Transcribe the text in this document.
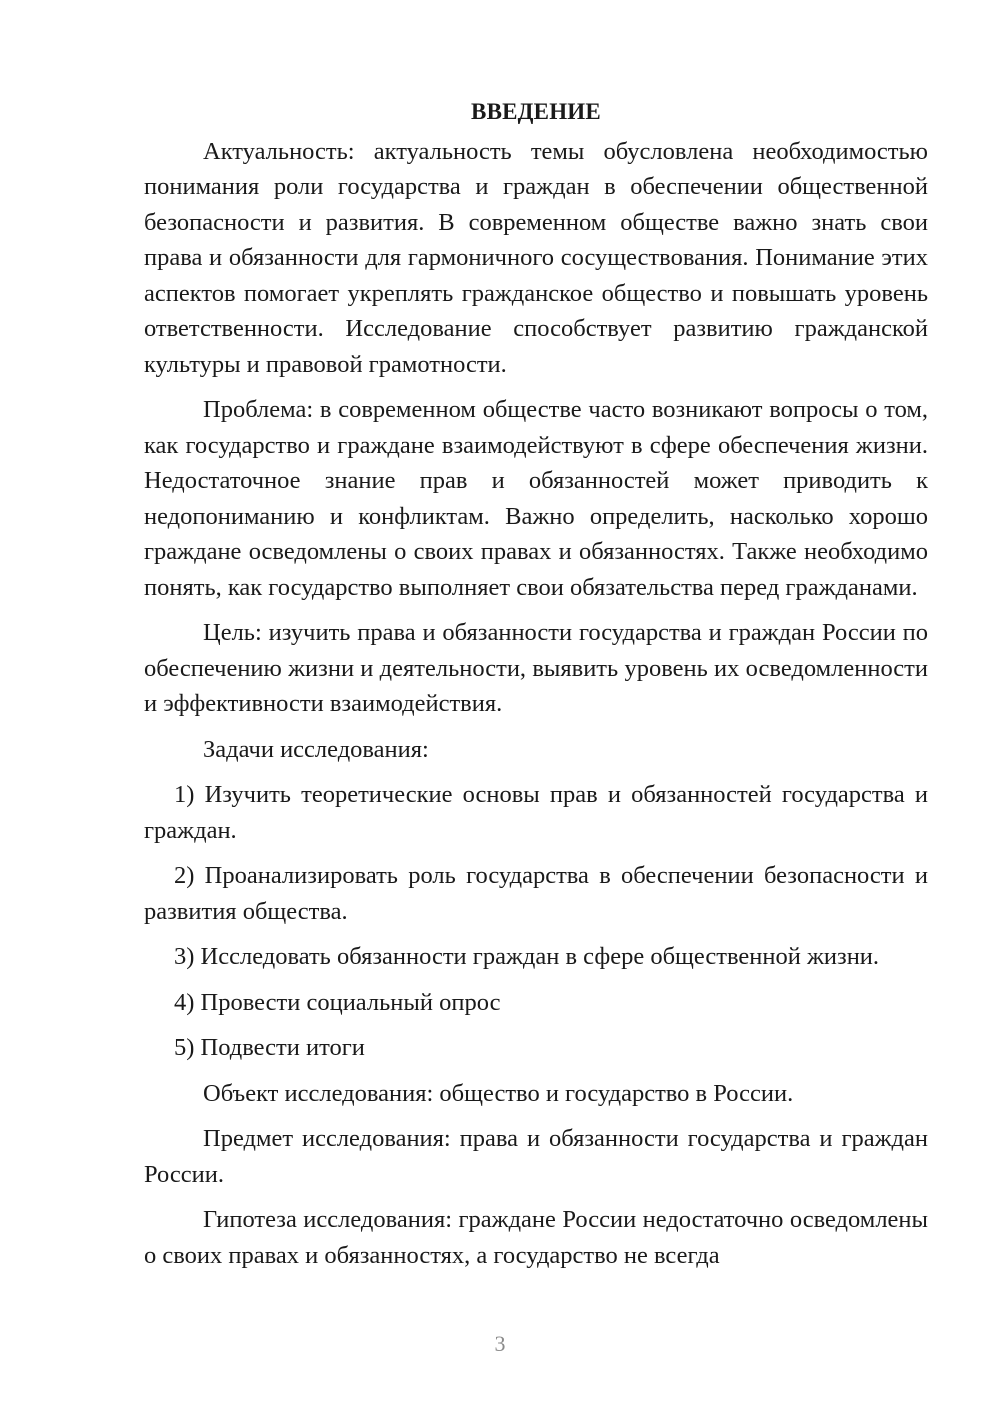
ВВЕДЕНИЕ

Актуальность: актуальность темы обусловлена необходимостью понимания роли государства и граждан в обеспечении общественной безопасности и развития. В современном обществе важно знать свои права и обязанности для гармоничного сосуществования. Понимание этих аспектов помогает укреплять гражданское общество и повышать уровень ответственности. Исследование способствует развитию гражданской культуры и правовой грамотности.

Проблема: в современном обществе часто возникают вопросы о том, как государство и граждане взаимодействуют в сфере обеспечения жизни. Недостаточное знание прав и обязанностей может приводить к недопониманию и конфликтам. Важно определить, насколько хорошо граждане осведомлены о своих правах и обязанностях. Также необходимо понять, как государство выполняет свои обязательства перед гражданами.

Цель: изучить права и обязанности государства и граждан России по обеспечению жизни и деятельности, выявить уровень их осведомленности и эффективности взаимодействия.

Задачи исследования:

1) Изучить теоретические основы прав и обязанностей государства и граждан.

2) Проанализировать роль государства в обеспечении безопасности и развития общества.

3) Исследовать обязанности граждан в сфере общественной жизни.

4) Провести социальный опрос

5) Подвести итоги

Объект исследования: общество и государство в России.

Предмет исследования: права и обязанности государства и граждан России.

Гипотеза исследования: граждане России недостаточно осведомлены о своих правах и обязанностях, а государство не всегда

3
